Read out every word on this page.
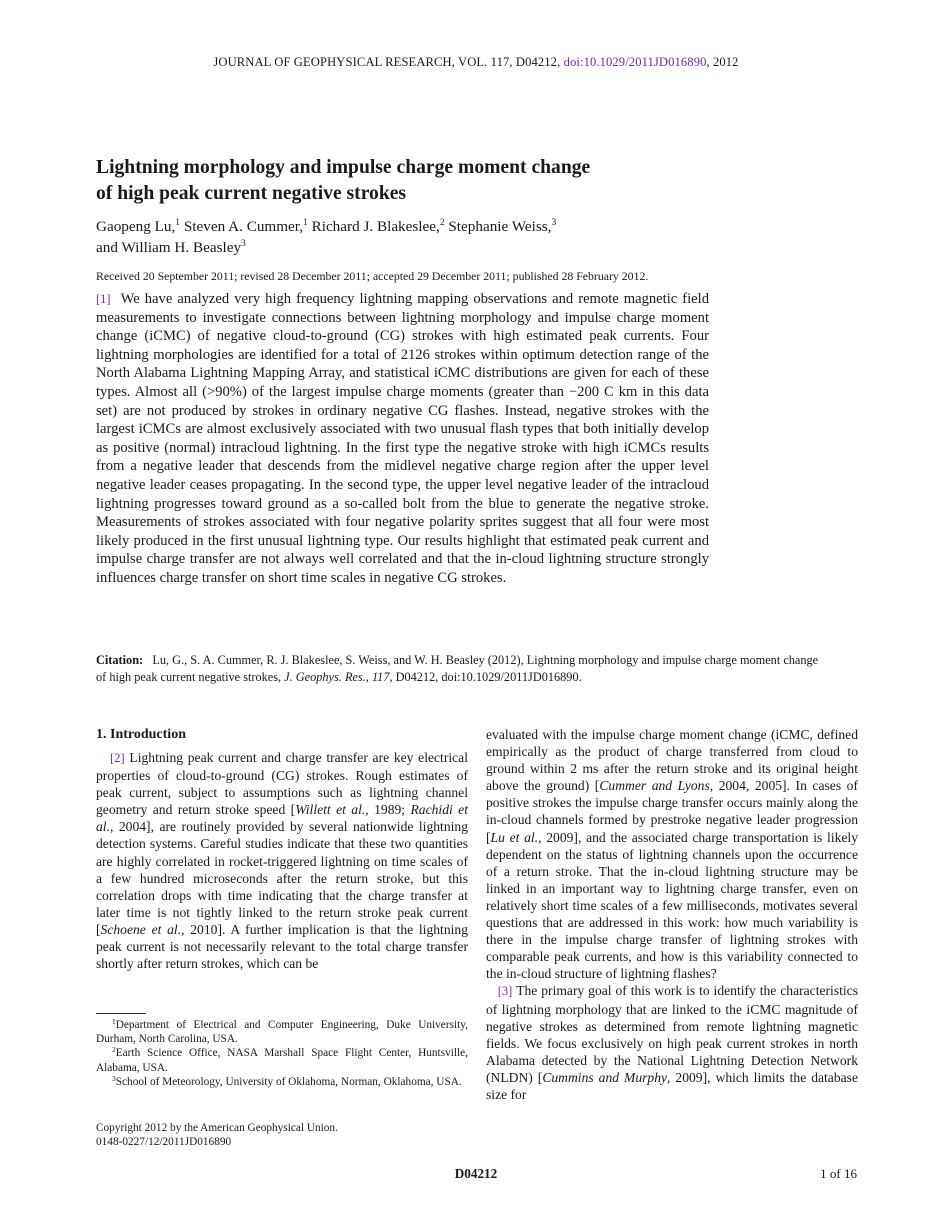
JOURNAL OF GEOPHYSICAL RESEARCH, VOL. 117, D04212, doi:10.1029/2011JD016890, 2012
Lightning morphology and impulse charge moment change
of high peak current negative strokes
Gaopeng Lu,$^1$ Steven A. Cummer,$^1$ Richard J. Blakeslee,$^2$ Stephanie Weiss,$^3$
and William H. Beasley$^3$
Received 20 September 2011; revised 28 December 2011; accepted 29 December 2011; published 28 February 2012.

[1] We have analyzed very high frequency lightning mapping observations and remote magnetic field measurements to investigate connections between lightning morphology and impulse charge moment change (iCMC) of negative cloud-to-ground (CG) strokes with high estimated peak currents. Four lightning morphologies are identified for a total of 2126 strokes within optimum detection range of the North Alabama Lightning Mapping Array, and statistical iCMC distributions are given for each of these types. Almost all (>90%) of the largest impulse charge moments (greater than −200 C km in this data set) are not produced by strokes in ordinary negative CG flashes. Instead, negative strokes with the largest iCMCs are almost exclusively associated with two unusual flash types that both initially develop as positive (normal) intracloud lightning. In the first type the negative stroke with high iCMCs results from a negative leader that descends from the midlevel negative charge region after the upper level negative leader ceases propagating. In the second type, the upper level negative leader of the intracloud lightning progresses toward ground as a so-called bolt from the blue to generate the negative stroke. Measurements of strokes associated with four negative polarity sprites suggest that all four were most likely produced in the first unusual lightning type. Our results highlight that estimated peak current and impulse charge transfer are not always well correlated and that the in-cloud lightning structure strongly influences charge transfer on short time scales in negative CG strokes.

Citation: Lu, G., S. A. Cummer, R. J. Blakeslee, S. Weiss, and W. H. Beasley (2012), Lightning morphology and impulse charge moment change of high peak current negative strokes, J. Geophys. Res., 117, D04212, doi:10.1029/2011JD016890.
1. Introduction

[2] Lightning peak current and charge transfer are key electrical properties of cloud-to-ground (CG) strokes. Rough estimates of peak current, subject to assumptions such as lightning channel geometry and return stroke speed [Willett et al., 1989; Rachidi et al., 2004], are routinely provided by several nationwide lightning detection systems. Careful studies indicate that these two quantities are highly correlated in rocket-triggered lightning on time scales of a few hundred microseconds after the return stroke, but this correlation drops with time indicating that the charge transfer at later time is not tightly linked to the return stroke peak current [Schoene et al., 2010]. A further implication is that the lightning peak current is not necessarily relevant to the total charge transfer shortly after return strokes, which can be

$^1$Department of Electrical and Computer Engineering, Duke University, Durham, North Carolina, USA.

$^2$Earth Science Office, NASA Marshall Space Flight Center, Huntsville, Alabama, USA.

$^3$School of Meteorology, University of Oklahoma, Norman, Oklahoma, USA.

Copyright 2012 by the American Geophysical Union.
0148-0227/12/2011JD016890

evaluated with the impulse charge moment change (iCMC, defined empirically as the product of charge transferred from cloud to ground within 2 ms after the return stroke and its original height above the ground) [Cummer and Lyons, 2004, 2005]. In cases of positive strokes the impulse charge transfer occurs mainly along the in-cloud channels formed by prestroke negative leader progression [Lu et al., 2009], and the associated charge transportation is likely dependent on the status of lightning channels upon the occurrence of a return stroke. That the in-cloud lightning structure may be linked in an important way to lightning charge transfer, even on relatively short time scales of a few milliseconds, motivates several questions that are addressed in this work: how much variability is there in the impulse charge transfer of lightning strokes with comparable peak currents, and how is this variability connected to the in-cloud structure of lightning flashes?

[3] The primary goal of this work is to identify the characteristics of lightning morphology that are linked to the iCMC magnitude of negative strokes as determined from remote lightning magnetic fields. We focus exclusively on high peak current strokes in north Alabama detected by the National Lightning Detection Network (NLDN) [Cummins and Murphy, 2009], which limits the database size for

D04212	1 of 16
